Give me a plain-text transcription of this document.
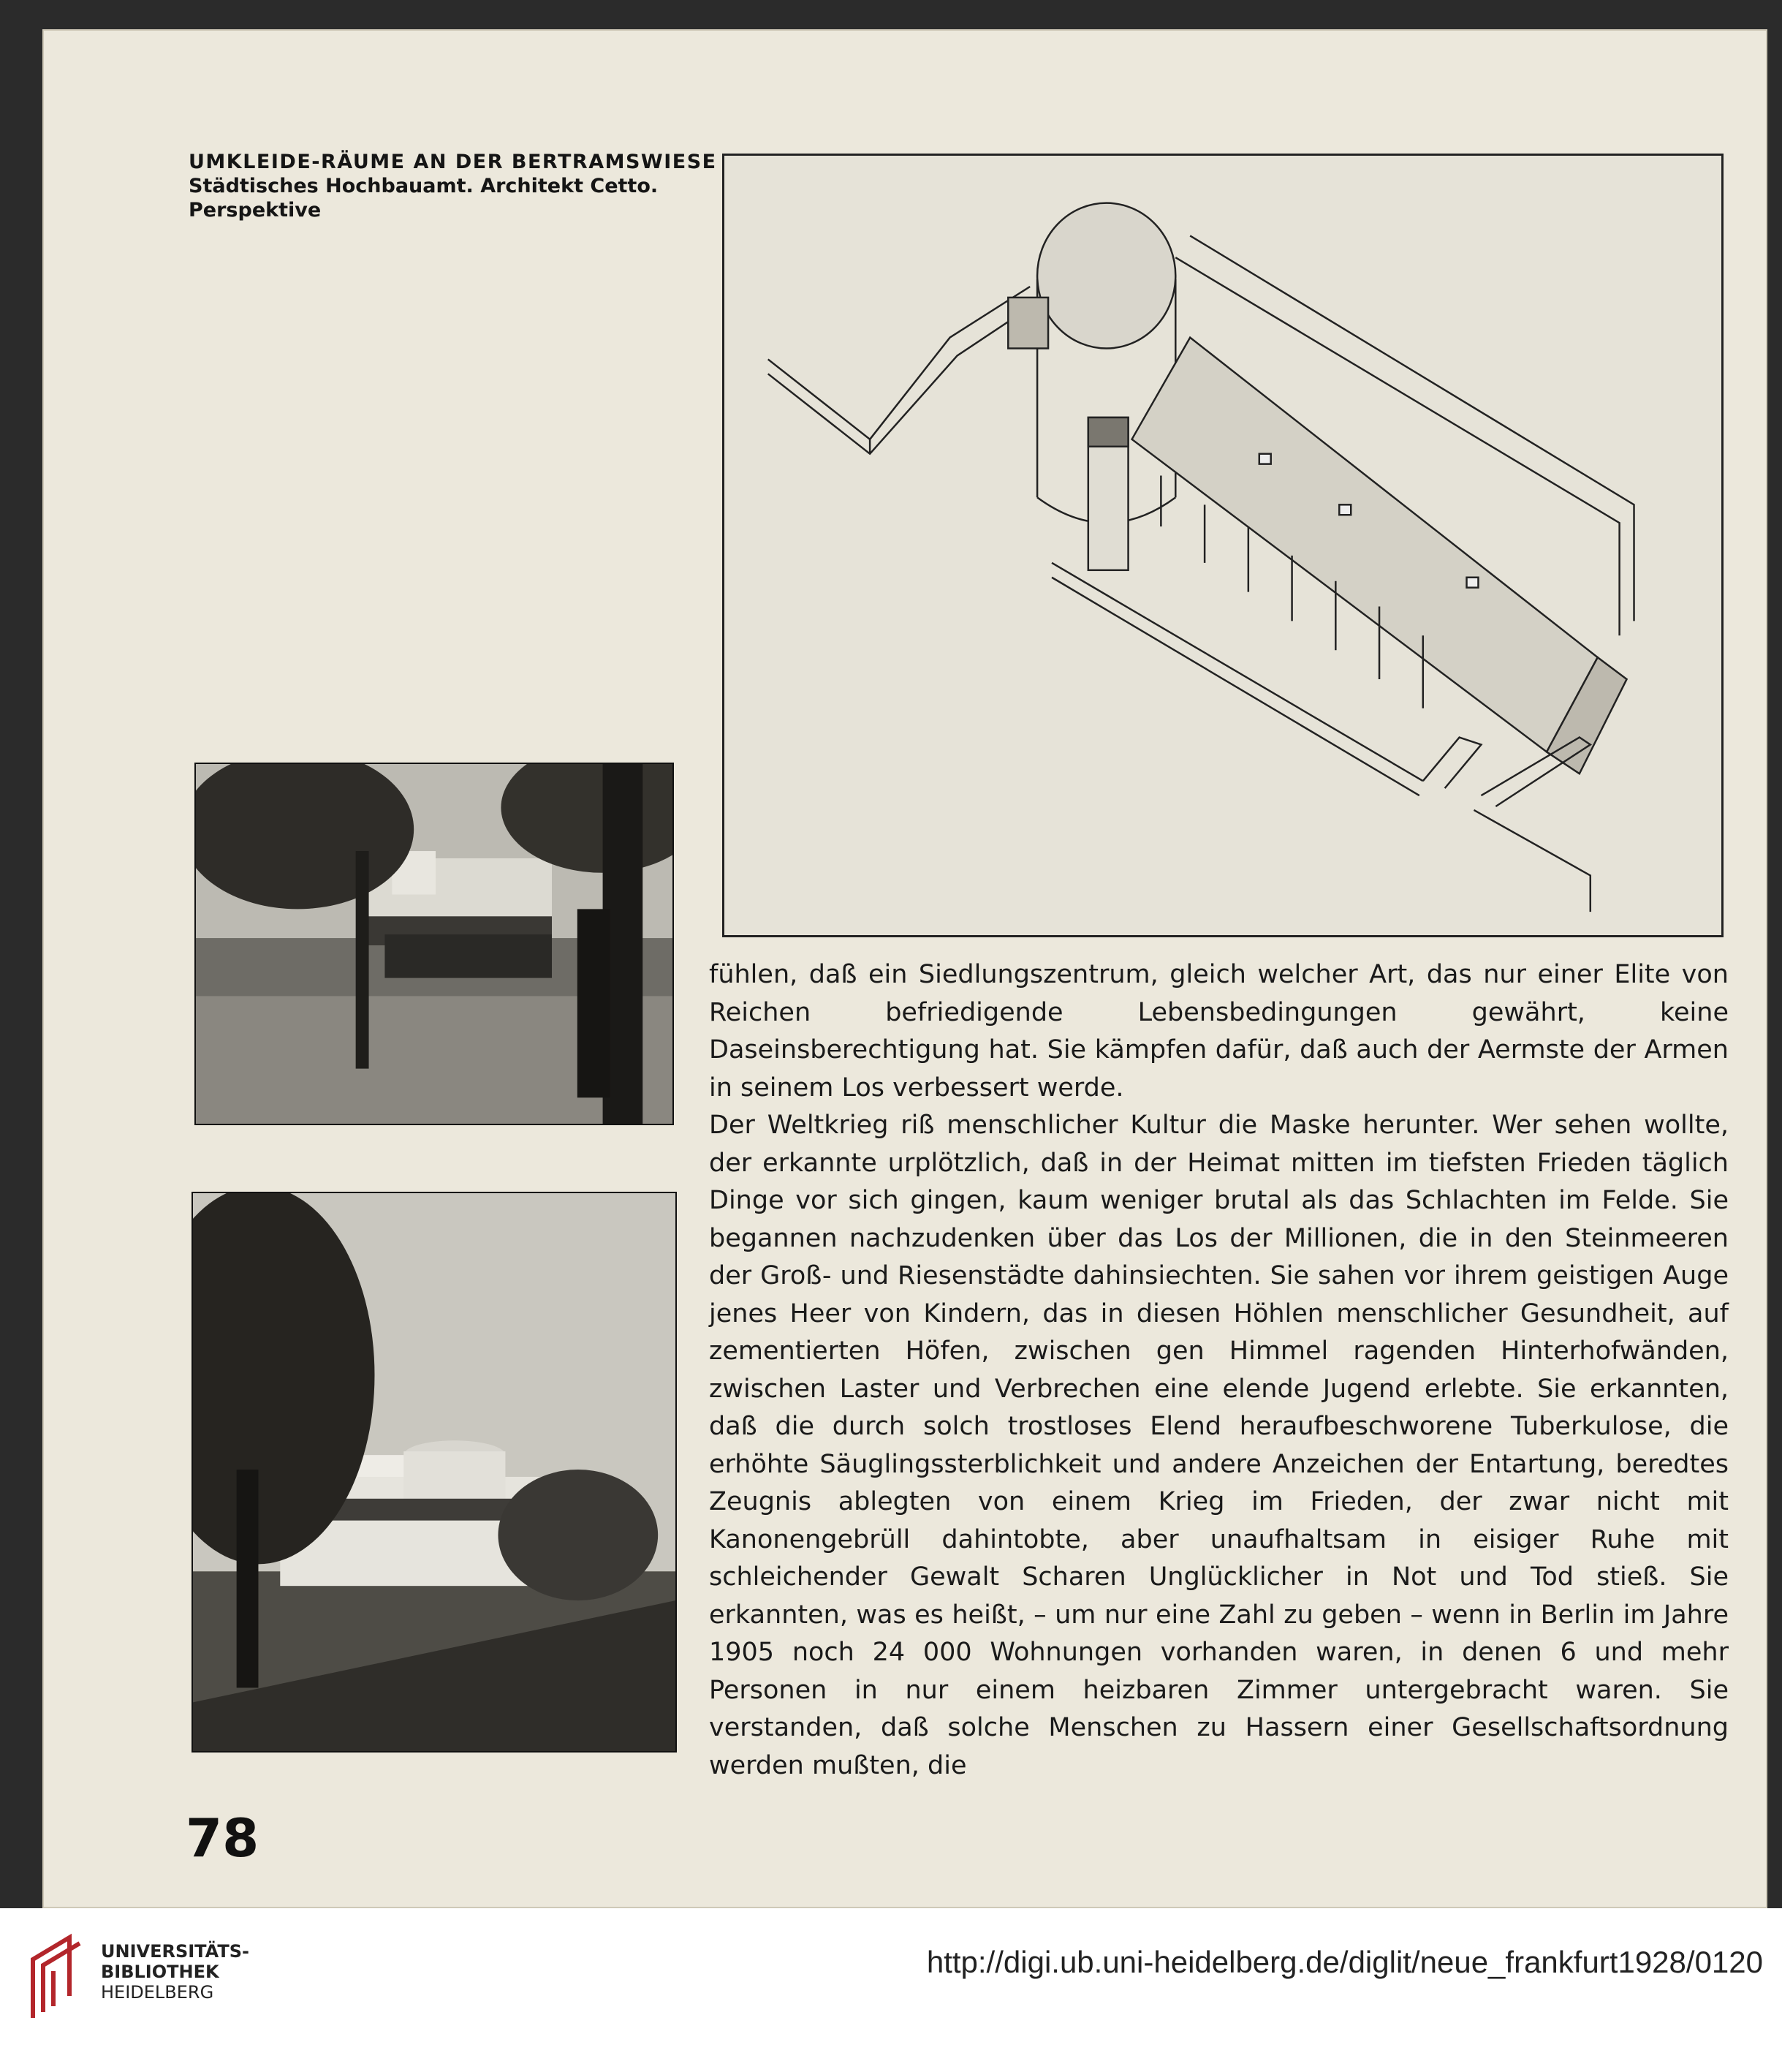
UMKLEIDE-RÄUME AN DER BERTRAMSWIESE
Städtisches Hochbauamt. Architekt Cetto.
Perspektive

fühlen, daß ein Siedlungszentrum, gleich welcher Art, das nur einer Elite von Reichen befriedigende Lebensbedingungen gewährt, keine Daseinsberechtigung hat. Sie kämpfen dafür, daß auch der Aermste der Armen in seinem Los verbessert werde.

Der Weltkrieg riß menschlicher Kultur die Maske herunter. Wer sehen wollte, der erkannte urplötzlich, daß in der Heimat mitten im tiefsten Frieden täglich Dinge vor sich gingen, kaum weniger brutal als das Schlachten im Felde. Sie begannen nachzudenken über das Los der Millionen, die in den Steinmeeren der Groß- und Riesenstädte dahinsiechten. Sie sahen vor ihrem geistigen Auge jenes Heer von Kindern, das in diesen Höhlen menschlicher Gesundheit, auf zementierten Höfen, zwischen gen Himmel ragenden Hinterhofwänden, zwischen Laster und Verbrechen eine elende Jugend erlebte. Sie erkannten, daß die durch solch trostloses Elend heraufbeschworene Tuberkulose, die erhöhte Säuglingssterblichkeit und andere Anzeichen der Entartung, beredtes Zeugnis ablegten von einem Krieg im Frieden, der zwar nicht mit Kanonengebrüll dahintobte, aber unaufhaltsam in eisiger Ruhe mit schleichender Gewalt Scharen Unglücklicher in Not und Tod stieß. Sie erkannten, was es heißt, – um nur eine Zahl zu geben – wenn in Berlin im Jahre 1905 noch 24 000 Wohnungen vorhanden waren, in denen 6 und mehr Personen in nur einem heizbaren Zimmer untergebracht waren. Sie verstanden, daß solche Menschen zu Hassern einer Gesellschaftsordnung werden mußten, die

78
UNIVERSITÄTS-
BIBLIOTHEK
HEIDELBERG
http://digi.ub.uni-heidelberg.de/diglit/neue_frankfurt1928/0120
